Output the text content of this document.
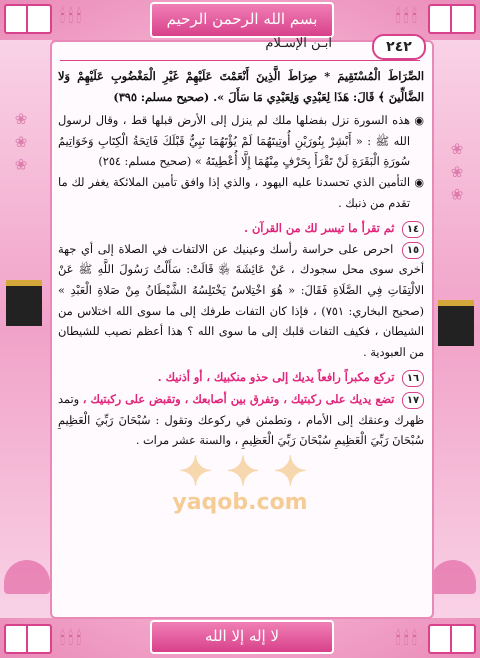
❀ ❀ ❀	❀ ❀ ❀
🕯🕯🕯	🕯🕯🕯
🕯🕯🕯	🕯🕯🕯
بسم الله الرحمن الرحيم
لا إله إلا الله
٢٤٢
ابـن الإسـلام

الصِّرَاطَ الْمُسْتَقِيمَ * صِرَاطَ الَّذِينَ أَنْعَمْتَ عَلَيْهِمْ غَيْرِ الْمَغْضُوبِ عَلَيْهِمْ وَلا الضَّالِّينَ ﴾ قَالَ: هَذَا لِعَبْدِي وَلِعَبْدِي مَا سَأَلَ ». (صحيح مسلم: ٣٩٥)

◉
هذه السورة نزل بفضلها ملك لم ينزل إلى الأرض قبلها قط ، وقال لرسول الله ﷺ : « أَبْشِرْ بِنُورَيْنِ أُوتِيتَهُمَا لَمْ يُؤْتَهُمَا نَبِيٌّ قَبْلَكَ فَاتِحَةُ الْكِتَابِ وَخَوَاتِيمُ سُورَةِ الْبَقَرَةِ لَنْ تَقْرَأَ بِحَرْفٍ مِنْهُمَا إِلَّا أُعْطِيتَهُ » (صحيح مسلم: ٢٥٤)

◉
التأمين الذي تحسدنا عليه اليهود ، والذي إذا وافق تأمين الملائكة يغفر لك ما تقدم من ذنبك .

١٤ ثم تقرأ ما تيسر لك من القرآن .

١٥ احرص على حراسة رأسك وعينيك عن الالتفات في الصلاة إلى أي جهة أخرى سوى محل سجودك ، عَنْ عَائِشَةَ ﵂ قَالَتْ: سَأَلْتُ رَسُولَ اللَّهِ ﷺ عَنْ الالْتِفَاتِ فِي الصَّلَاةِ فَقَالَ: « هُوَ اخْتِلاسٌ يَخْتَلِسُهُ الشَّيْطَانُ مِنْ صَلاةِ الْعَبْدِ » (صحيح البخاري: ٧٥١) ، فإذا كان التفات طرفك إلى ما سوى الله اختلاس من الشيطان ، فكيف التفات قلبك إلى ما سوى الله ؟ هذا أعظم نصيب للشيطان من العبودية .

١٦ تركع مكبراً رافعاً يديك إلى حذو منكبيك ، أو أذنيك .

١٧ تضع يديك على ركبتيك ، وتفرق بين أصابعك ، وتقبض على ركبتيك ، وتمد ظهرك وعنقك إلى الأمام ، وتطمئن في ركوعك وتقول : سُبْحَانَ رَبِّيَ الْعَظِيمِ سُبْحَانَ رَبِّيَ الْعَظِيمِ سُبْحَانَ رَبِّيَ الْعَظِيمِ ، والسنة عشر مرات .

✦ ✦ ✦
yaqob.com
